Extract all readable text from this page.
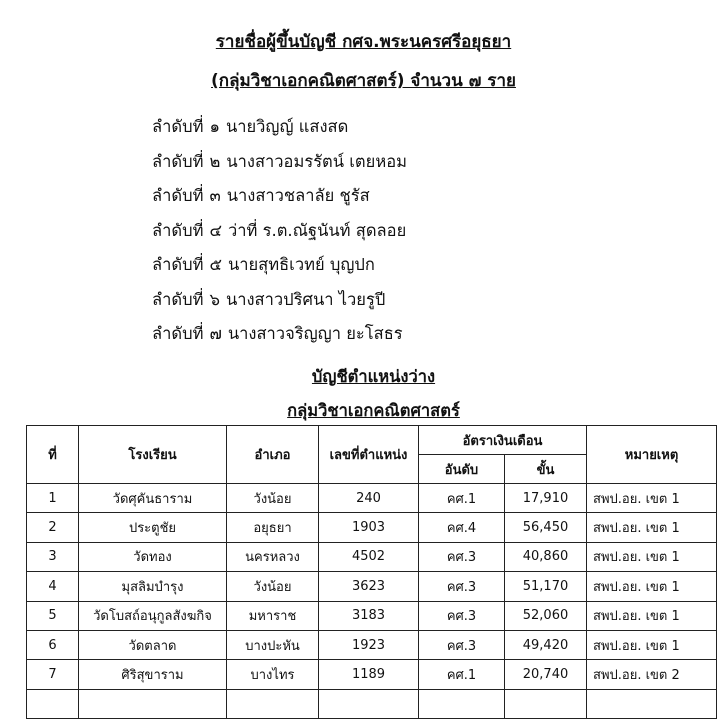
รายชื่อผู้ขึ้นบัญชี กศจ.พระนครศรีอยุธยา
(กลุ่มวิชาเอกคณิตศาสตร์) จำนวน ๗ ราย
ลำดับที่ ๑ นายวิญญ์ แสงสด
ลำดับที่ ๒ นางสาวอมรรัตน์ เตยหอม
ลำดับที่ ๓ นางสาวชลาลัย ชูรัส
ลำดับที่ ๔ ว่าที่ ร.ต.ณัฐนันท์ สุดลอย
ลำดับที่ ๕ นายสุทธิเวทย์ บุญปก
ลำดับที่ ๖ นางสาวปริศนา ไวยรูปี
ลำดับที่ ๗ นางสาวจริญญา ยะโสธร
บัญชีตำแหน่งว่าง
กลุ่มวิชาเอกคณิตศาสตร์
ที่	โรงเรียน	อำเภอ	เลขที่ตำแหน่ง	อัตราเงินเดือน		หมายเหตุ
				อันดับ	ขั้น	
1	วัดศุคันธาราม	วังน้อย	240	คศ.1	17,910	สพป.อย. เขต 1
2	ประตูชัย	อยุธยา	1903	คศ.4	56,450	สพป.อย. เขต 1
3	วัดทอง	นครหลวง	4502	คศ.3	40,860	สพป.อย. เขต 1
4	มุสลิมบำรุง	วังน้อย	3623	คศ.3	51,170	สพป.อย. เขต 1
5	วัดโบสถ์อนุกูลสังฆกิจ	มหาราช	3183	คศ.3	52,060	สพป.อย. เขต 1
6	วัดตลาด	บางปะหัน	1923	คศ.3	49,420	สพป.อย. เขต 1
7	ศิริสุขาราม	บางไทร	1189	คศ.1	20,740	สพป.อย. เขต 2
